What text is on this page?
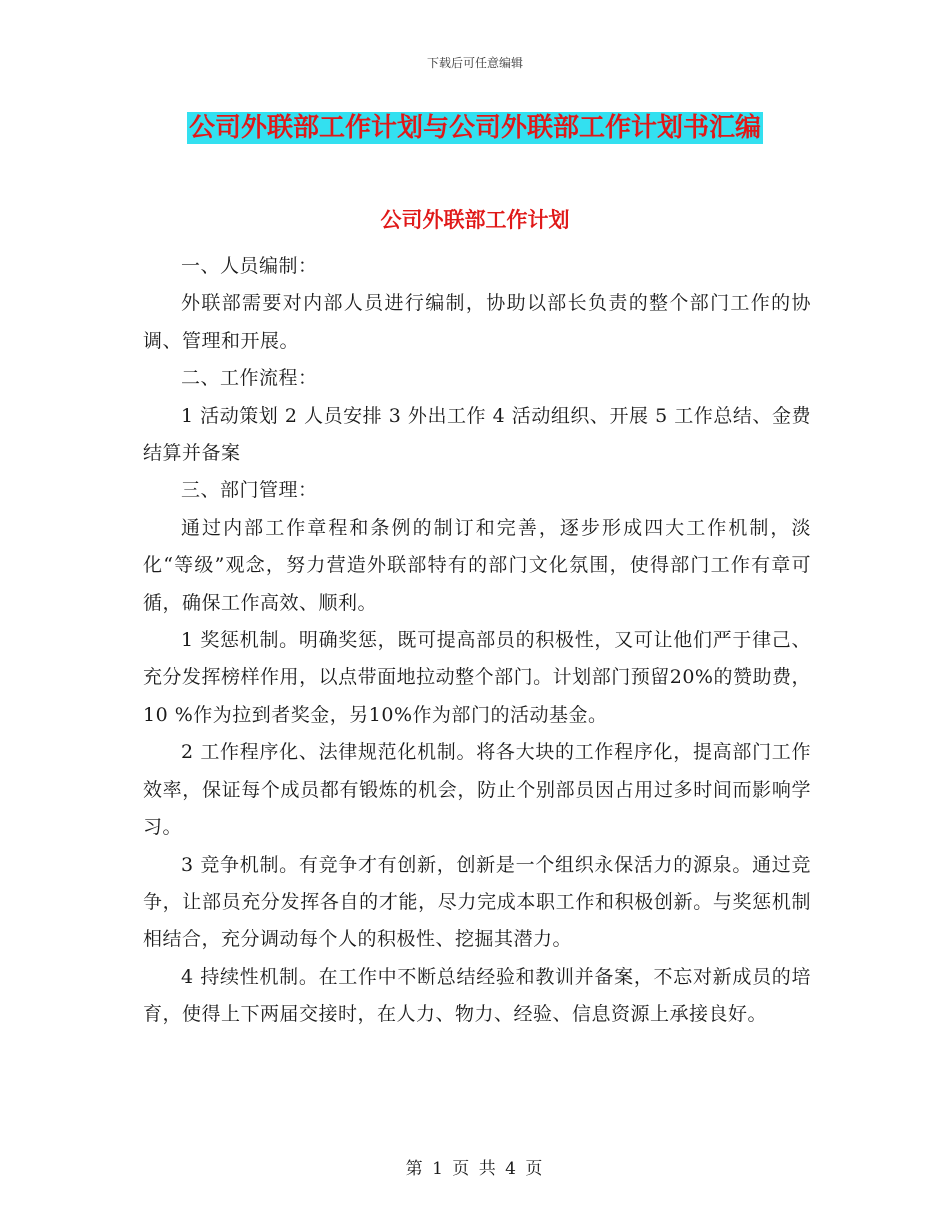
下载后可任意编辑
公司外联部工作计划与公司外联部工作计划书汇编
公司外联部工作计划

一、人员编制：

外联部需要对内部人员进行编制，协助以部长负责的整个部门工作的协调、管理和开展。

二、工作流程：

1 活动策划 2 人员安排 3 外出工作 4 活动组织、开展 5 工作总结、金费结算并备案

三、部门管理：

通过内部工作章程和条例的制订和完善，逐步形成四大工作机制，淡化“等级”观念，努力营造外联部特有的部门文化氛围，使得部门工作有章可循，确保工作高效、顺利。

1 奖惩机制。明确奖惩，既可提高部员的积极性，又可让他们严于律己、充分发挥榜样作用，以点带面地拉动整个部门。计划部门预留20%的赞助费，10 %作为拉到者奖金，另10%作为部门的活动基金。

2 工作程序化、法律规范化机制。将各大块的工作程序化，提高部门工作效率，保证每个成员都有锻炼的机会，防止个别部员因占用过多时间而影响学习。

3 竞争机制。有竞争才有创新，创新是一个组织永保活力的源泉。通过竞争，让部员充分发挥各自的才能，尽力完成本职工作和积极创新。与奖惩机制相结合，充分调动每个人的积极性、挖掘其潜力。

4 持续性机制。在工作中不断总结经验和教训并备案，不忘对新成员的培育，使得上下两届交接时，在人力、物力、经验、信息资源上承接良好。

第 1 页 共 4 页
